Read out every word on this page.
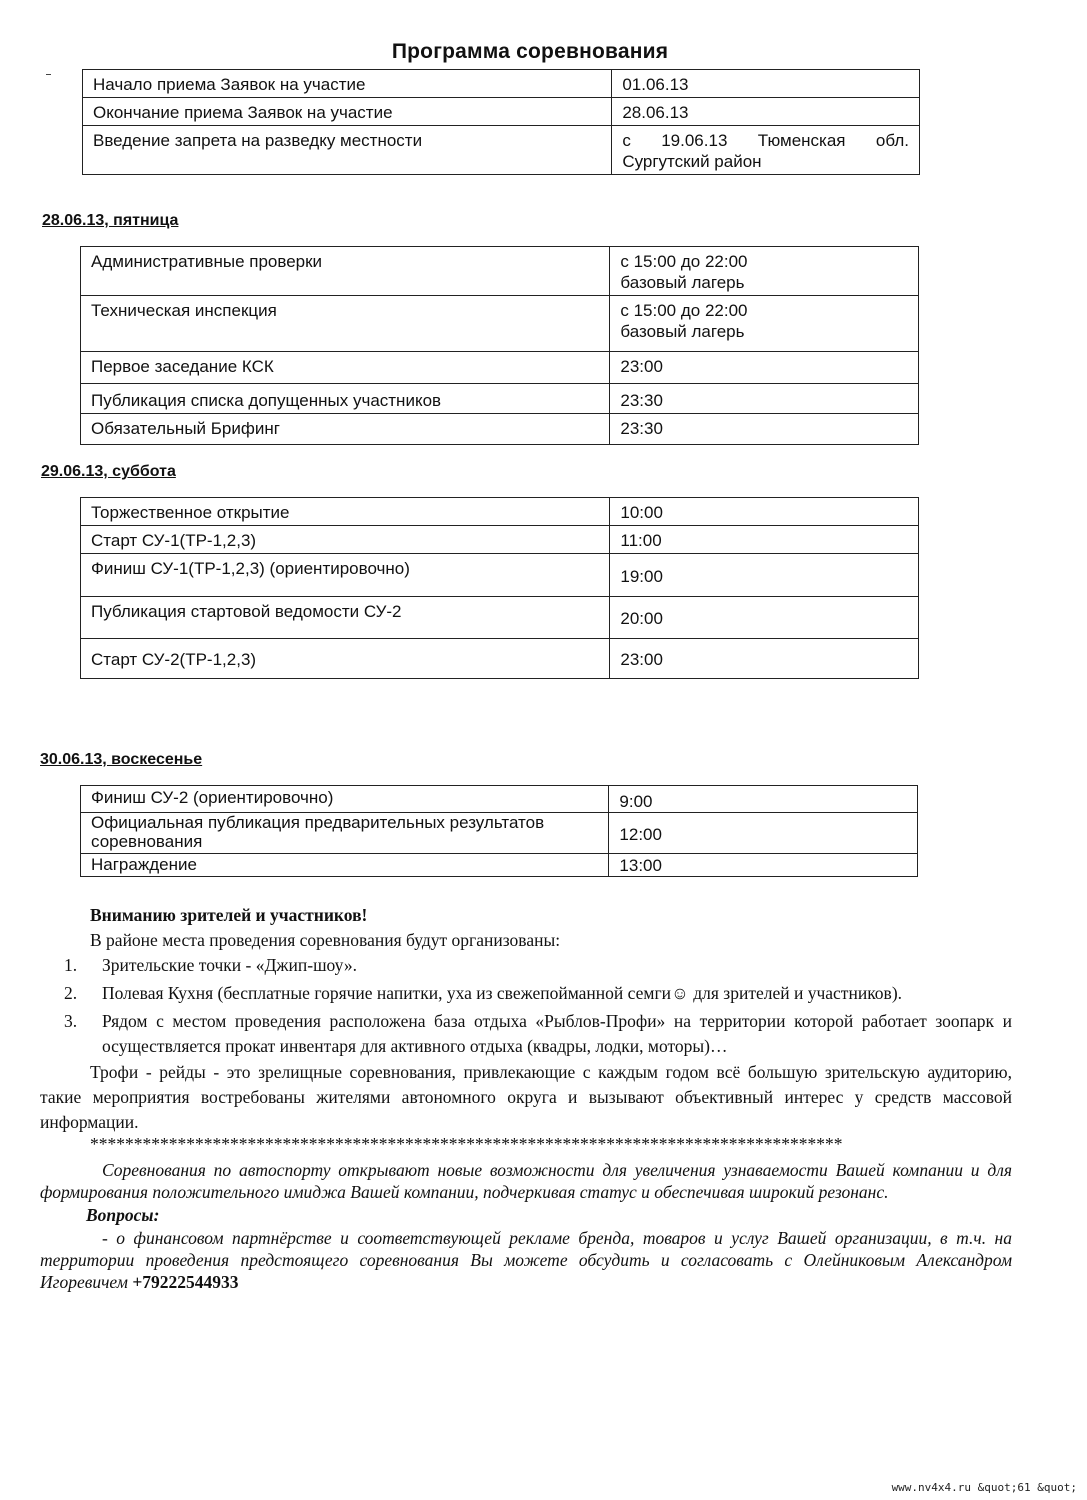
Программа соревнования
Начало приема Заявок на участие	01.06.13
Окончание приема Заявок на участие	28.06.13
Введение запрета на разведку местности	с 19.06.13 Тюменская обл. Сургутский район
28.06.13, пятница
Административные проверки	с 15:00 до 22:00
базовый лагерь

Техническая инспекция	с 15:00 до 22:00
базовый лагерь

Первое заседание КСК	23:00
Публикация списка допущенных участников	23:30
Обязательный Брифинг	23:30
29.06.13, суббота
Торжественное открытие	10:00
Старт СУ-1(ТР-1,2,3)	11:00
Финиш СУ-1(ТР-1,2,3) (ориентировочно)	19:00
Публикация стартовой ведомости СУ-2	20:00
Старт СУ-2(ТР-1,2,3)	23:00
30.06.13, воскесенье
Финиш СУ-2 (ориентировочно)	9:00
Официальная публикация предварительных результатов соревнования	12:00
Награждение	13:00
Вниманию зрителей и участников!
В районе места проведения соревнования будут организованы:
1. Зрительские точки - «Джип-шоу».
2. Полевая Кухня (бесплатные горячие напитки, уха из свежепойманной семги☺ для зрителей и участников).
3. Рядом с местом проведения расположена база отдыха «Рыблов-Профи» на территории которой работает зоопарк и осуществляется прокат инвентаря для активного отдыха (квадры, лодки, моторы)…
Трофи - рейды - это зрелищные соревнования, привлекающие с каждым годом всё большую зрительскую аудиторию, такие мероприятия востребованы жителями автономного округа и вызывают объективный интерес у средств массовой информации.
**************************************************************************************
Соревнования по автоспорту открывают новые возможности для увеличения узнаваемости Вашей компании и для формирования положительного имиджа Вашей компании, подчеркивая статус и обеспечивая широкий резонанс.
Вопросы:
- о финансовом партнёрстве и соответствующей рекламе бренда, товаров и услуг Вашей организации, в т.ч. на территории проведения предстоящего соревнования Вы можете обсудить и согласовать с Олейниковым Александром Игоревичем +79222544933
www.nv4x4.ru &quot;61 &quot;
